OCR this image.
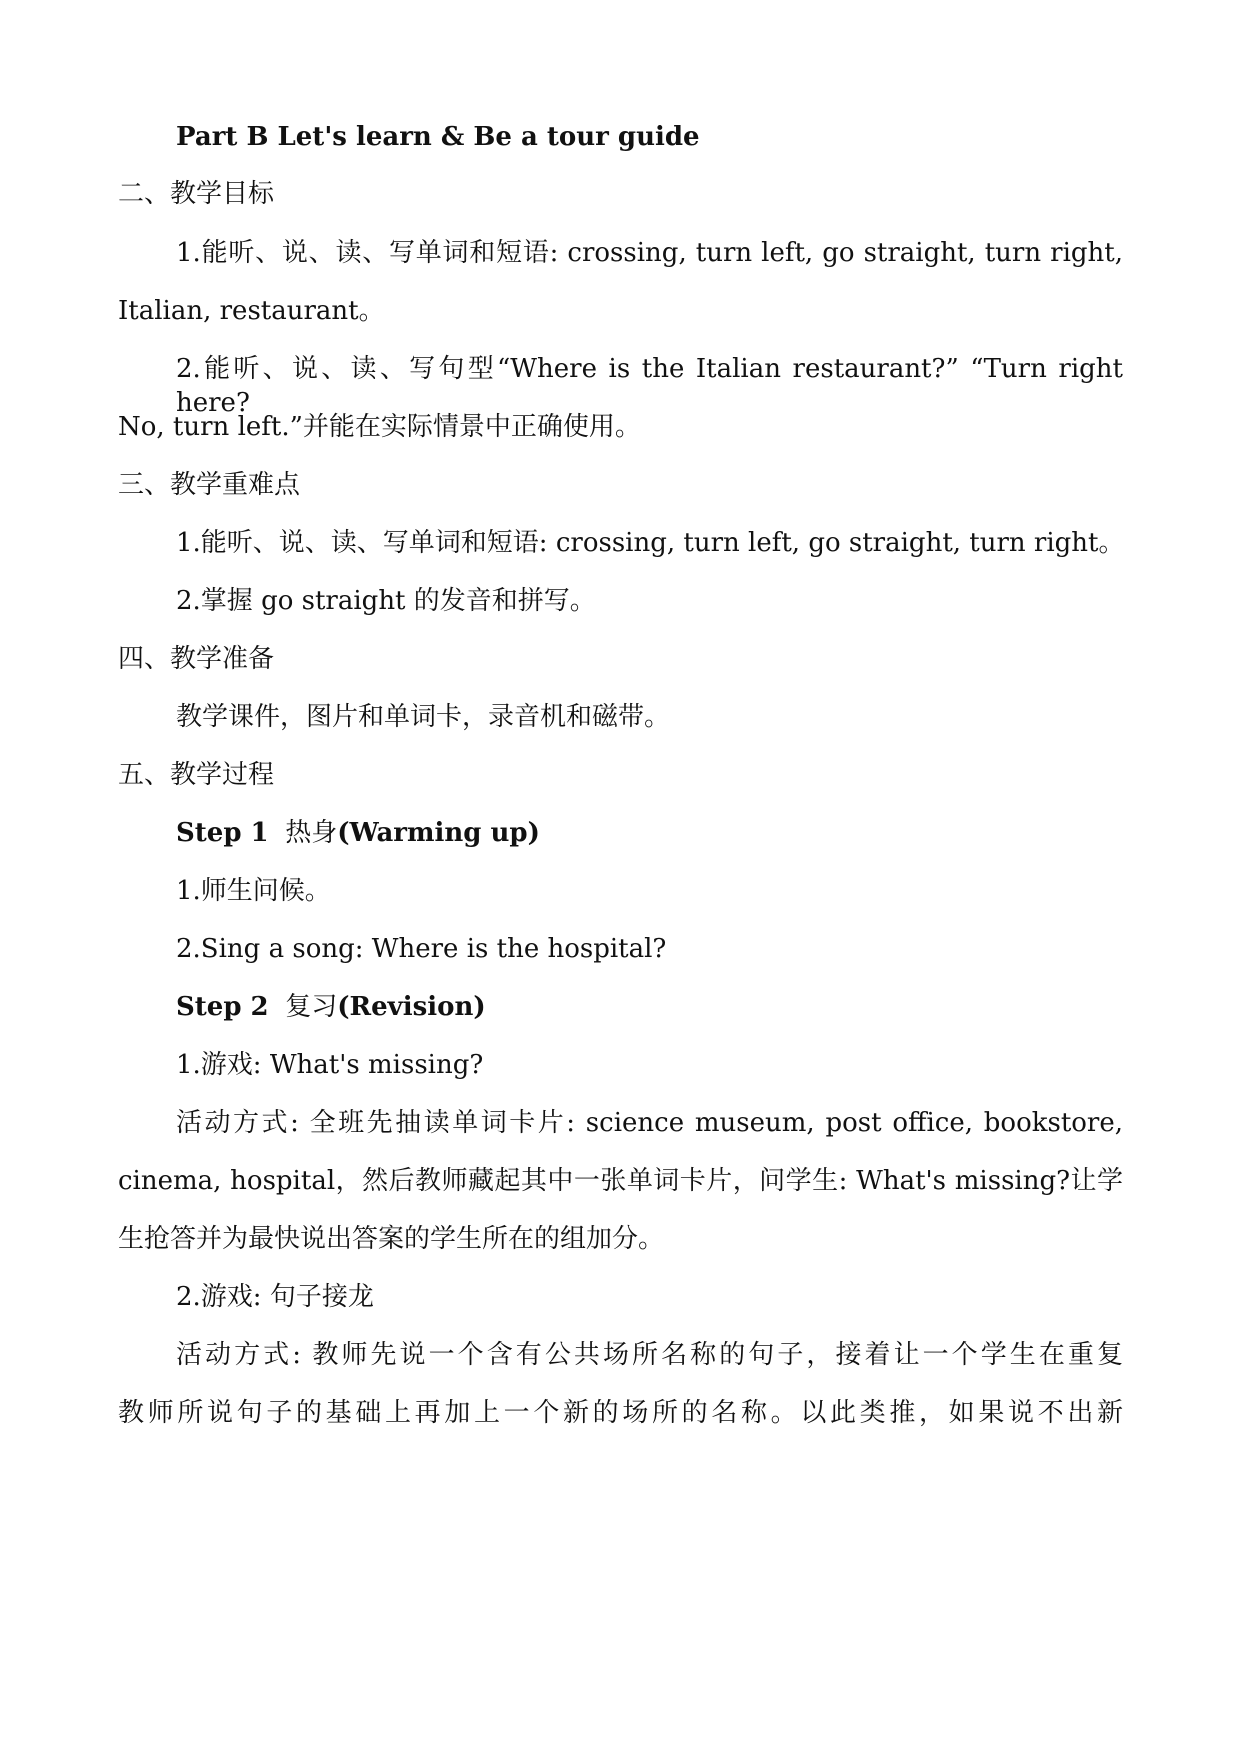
Part B Let's learn & Be a tour guide
二、教学目标
1.能听、说、读、写单词和短语: crossing, turn left, go straight, turn right,
Italian, restaurant。
2.能听、说、读、写句型“Where is the Italian restaurant?” “Turn right here?
No, turn left.”并能在实际情景中正确使用。
三、教学重难点
1.能听、说、读、写单词和短语: crossing, turn left, go straight, turn right。
2.掌握 go straight 的发音和拼写。
四、教学准备
教学课件，图片和单词卡，录音机和磁带。
五、教学过程
Step 1 热身(Warming up)
1.师生问候。
2.Sing a song: Where is the hospital?
Step 2 复习(Revision)
1.游戏: What's missing?
活动方式: 全班先抽读单词卡片: science museum, post office, bookstore,
cinema, hospital，然后教师藏起其中一张单词卡片，问学生: What's missing?让学
生抢答并为最快说出答案的学生所在的组加分。
2.游戏: 句子接龙
活动方式: 教师先说一个含有公共场所名称的句子，接着让一个学生在重复
教师所说句子的基础上再加上一个新的场所的名称。以此类推，如果说不出新
